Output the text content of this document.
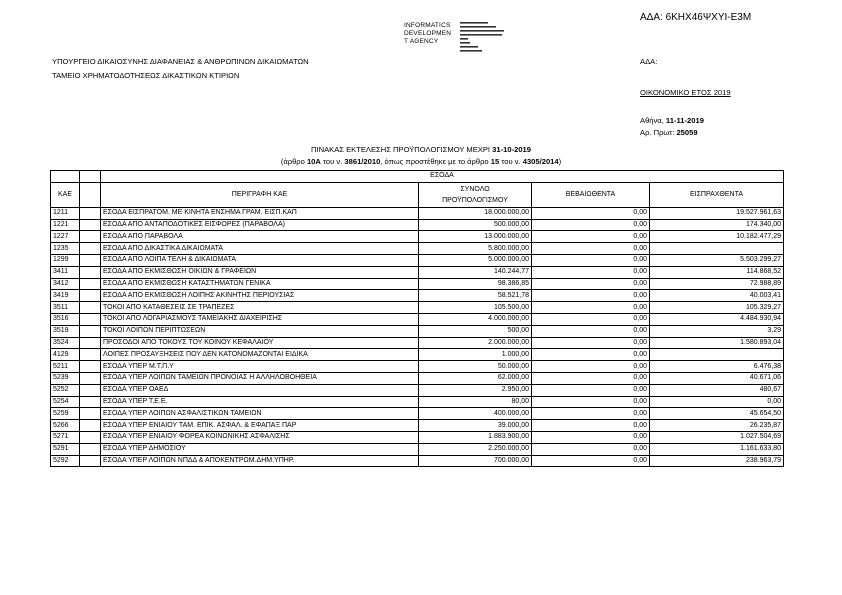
ΑΔΑ: 6ΚΗΧ46ΨΧΥΙ-Ε3Μ
INFORMATICS
DEVELOPMEN
T AGENCY
ΥΠΟΥΡΓΕΙΟ ΔΙΚΑΙΟΣΥΝΗΣ ΔΙΑΦΑΝΕΙΑΣ & ΑΝΘΡΩΠΙΝΩΝ ΔΙΚΑΙΩΜΑΤΩΝ
ΤΑΜΕΙΟ ΧΡΗΜΑΤΟΔΟΤΗΣΕΩΣ ΔΙΚΑΣΤΙΚΩΝ ΚΤΙΡΙΩΝ
ΑΔΑ:
ΟΙΚΟΝΟΜΙΚΟ ΕΤΟΣ 2019
Αθήνα, 11-11-2019
Αρ. Πρωτ: 25059
ΠΙΝΑΚΑΣ ΕΚΤΕΛΕΣΗΣ ΠΡΟΫΠΟΛΟΓΙΣΜΟΥ ΜΕΧΡΙ 31-10-2019
(άρθρο 10Α του ν. 3861/2010, όπως προστέθηκε με το άρθρο 15 του ν. 4305/2014)
		ΕΣΟΔΑ			
ΚΑΕ		ΠΕΡΙΓΡΑΦΗ ΚΑΕ	ΣΥΝΟΛΟ
ΠΡΟΫΠΟΛΟΓΙΣΜΟΥ	ΒΕΒΑΙΩΘΕΝΤΑ	ΕΙΣΠΡΑΧΘΕΝΤΑ
1211		ΕΣΟΔΑ ΕΙΣΠΡΑΤΟΜ. ΜΕ ΚΙΝΗΤΑ ΕΝΣΗΜΑ ΓΡΑΜ. ΕΙΣΠ.ΚΑΠ	18.000.000,00	0,00	19.527.961,63
1221		ΕΣΟΔΑ ΑΠΟ ΑΝΤΑΠΟΔΟΤΙΚΕΣ ΕΙΣΦΟΡΕΣ (ΠΑΡΑΒΟΛΑ)	500.000,00	0,00	174.340,00
1227		ΕΣΟΔΑ ΑΠΟ ΠΑΡΑΒΟΛΑ	13.000.000,00	0,00	10.182.477,29
1235		ΕΣΟΔΑ ΑΠΟ ΔΙΚΑΣΤΙΚΑ ΔΙΚΑΙΩΜΑΤΑ	5.800.000,00	0,00	
1299		ΕΣΟΔΑ ΑΠΟ ΛΟΙΠΑ ΤΕΛΗ & ΔΙΚΑΙΩΜΑΤΑ	5.000.000,00	0,00	5.503.299,27
3411		ΕΣΟΔΑ ΑΠΟ ΕΚΜΙΣΘΩΣΗ ΟΙΚΙΩΝ & ΓΡΑΦΕΙΩΝ	140.244,77	0,00	114.868,52
3412		ΕΣΟΔΑ ΑΠΟ ΕΚΜΙΣΘΩΣΗ ΚΑΤΑΣΤΗΜΑΤΩΝ ΓΕΝΙΚΑ	98.386,85	0,00	72.988,89
3419		ΕΣΟΔΑ ΑΠΟ ΕΚΜΙΣΘΩΣΗ ΛΟΙΠΗΣ ΑΚΙΝΗΤΗΣ ΠΕΡΙΟΥΣΙΑΣ	58.521,78	0,00	40.003,41
3511		ΤΟΚΟΙ ΑΠΟ ΚΑΤΑΘΕΣΕΙΣ ΣΕ ΤΡΑΠΕΖΕΣ	105.500,00	0,00	105.329,27
3516		ΤΟΚΟΙ ΑΠΟ ΛΟΓΑΡΙΑΣΜΟΥΣ ΤΑΜΕΙΑΚΗΣ ΔΙΑΧΕΙΡΙΣΗΣ	4.000.000,00	0,00	4.484.930,94
3519		ΤΟΚΟΙ ΛΟΙΠΩΝ ΠΕΡΙΠΤΩΣΕΩΝ	500,00	0,00	3,29
3524		ΠΡΟΣΟΔΟΙ ΑΠΟ ΤΟΚΟΥΣ ΤΟΥ ΚΟΙΝΟΥ ΚΕΦΑΛΑΙΟΥ	2.000.000,00	0,00	1.580.893,04
4129		ΛΟΙΠΕΣ ΠΡΟΣΑΥΞΗΣΕΙΣ ΠΟΥ ΔΕΝ ΚΑΤΟΝΟΜΑΖΟΝΤΑΙ ΕΙΔΙΚΑ	1.000,00	0,00	
5211		ΕΣΟΔΑ ΥΠΕΡ Μ.Τ.Π.Υ	50.000,00	0,00	6.476,38
5239		ΕΣΟΔΑ ΥΠΕΡ ΛΟΙΠΩΝ ΤΑΜΕΙΩΝ ΠΡΟΝΟΙΑΣ Η ΑΛΛΗΛΟΒΟΗΘΕΙΑ	62.000,00	0,00	40.671,06
5252		ΕΣΟΔΑ ΥΠΕΡ ΟΑΕΔ	2.950,00	0,00	480,67
5254		ΕΣΟΔΑ ΥΠΕΡ Τ.Ε.Ε.	80,00	0,00	0,00
5259		ΕΣΟΔΑ ΥΠΕΡ ΛΟΙΠΩΝ ΑΣΦΑΛΙΣΤΙΚΩΝ ΤΑΜΕΙΩΝ	400.000,00	0,00	45.654,50
5266		ΕΣΟΔΑ ΥΠΕΡ ΕΝΙΑΙΟΥ ΤΑΜ. ΕΠΙΚ. ΑΣΦΑΛ. & ΕΦΑΠΑΞ ΠΑΡ	39.000,00	0,00	26.235,87
5271		ΕΣΟΔΑ ΥΠΕΡ ΕΝΙΑΙΟΥ ΦΟΡΕΑ ΚΟΙΝΩΝΙΚΗΣ ΑΣΦΑΛΙΣΗΣ	1.883.900,00	0,00	1.027.504,69
5291		ΕΣΟΔΑ ΥΠΕΡ ΔΗΜΟΣΙΟΥ	2.250.000,00	0,00	1.161.633,80
5292		ΕΣΟΔΑ ΥΠΕΡ ΛΟΙΠΩΝ ΝΠΔΔ & ΑΠΟΚΕΝΤΡΩΜ.ΔΗΜ.ΥΠΗΡ.	700.000,00	0,00	238.963,79
